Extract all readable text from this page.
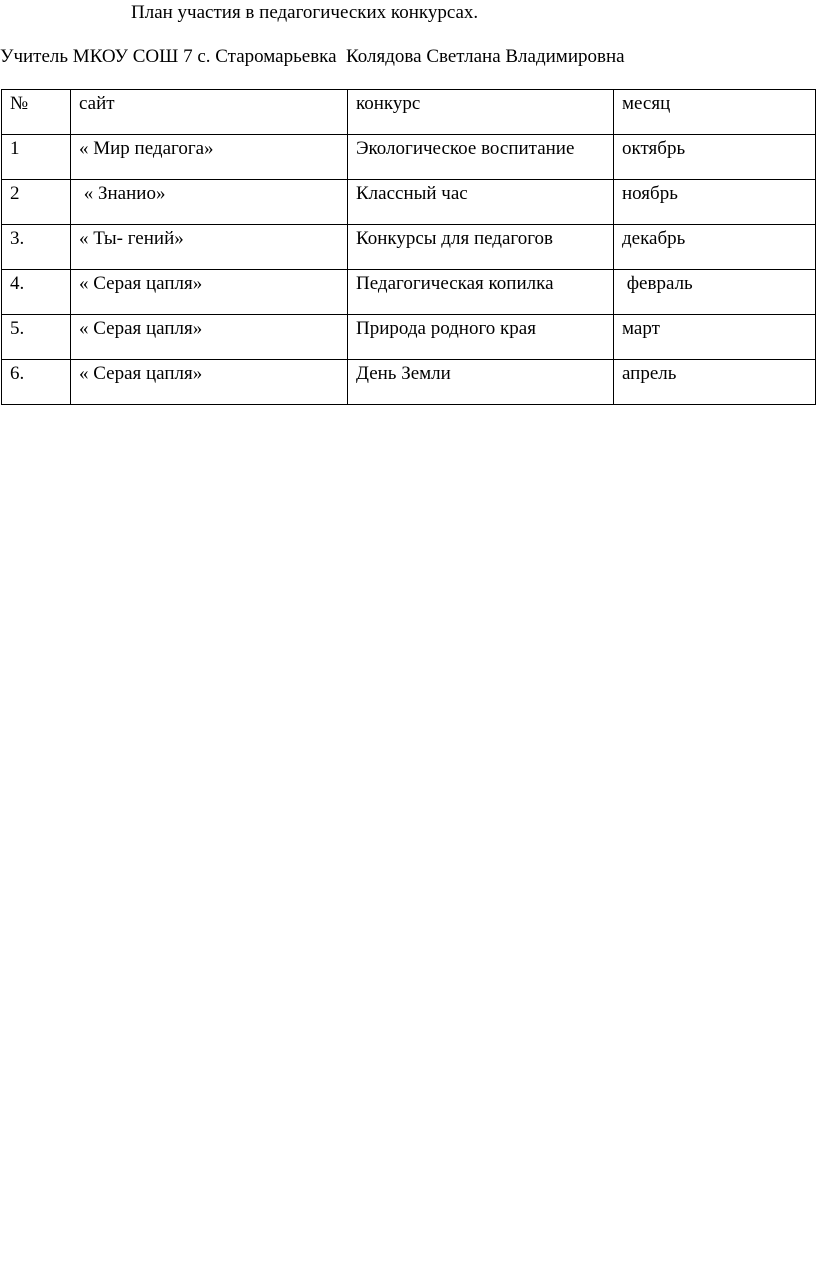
План участия в педагогических конкурсах.
Учитель МКОУ СОШ 7 с. Старомарьевка  Колядова Светлана Владимировна
№	сайт	конкурс	месяц
1	« Мир педагога»	Экологическое воспитание	октябрь
2	« Знанио»	Классный час	ноябрь
3.	« Ты- гений»	Конкурсы для педагогов	декабрь
4.	« Серая цапля»	Педагогическая копилка	февраль
5.	« Серая цапля»	Природа родного края	март
6.	« Серая цапля»	День Земли	апрель
